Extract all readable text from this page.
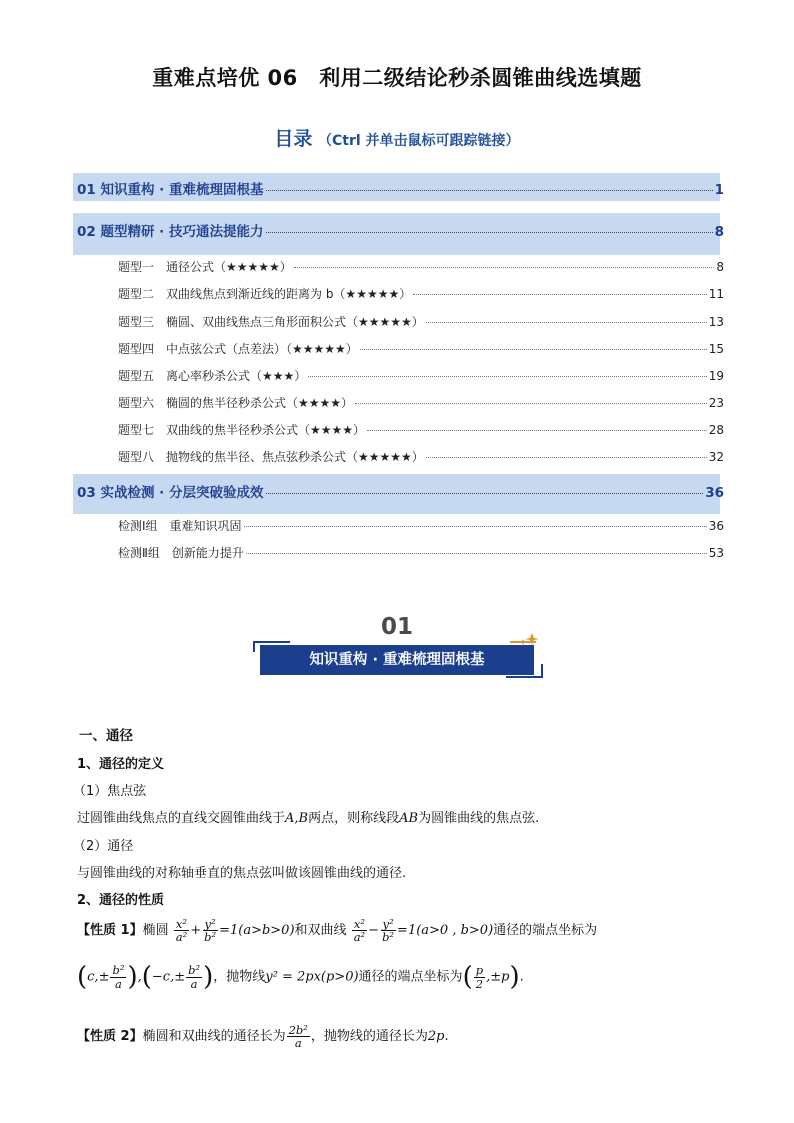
重难点培优 06　利用二级结论秒杀圆锥曲线选填题
目录 （Ctrl 并单击鼠标可跟踪链接）
01 知识重构 · 重难梳理固根基	1
02 题型精研 · 技巧通法提能力	8
题型一　通径公式（★★★★★）	8
题型二　双曲线焦点到渐近线的距离为 b（★★★★★）	11
题型三　椭圆、双曲线焦点三角形面积公式（★★★★★）	13
题型四　中点弦公式（点差法）（★★★★★）	15
题型五　离心率秒杀公式（★★★）	19
题型六　椭圆的焦半径秒杀公式（★★★★）	23
题型七　双曲线的焦半径秒杀公式（★★★★）	28
题型八　抛物线的焦半径、焦点弦秒杀公式（★★★★★）	32
03 实战检测 · 分层突破验成效	36
检测Ⅰ组　重难知识巩固	36
检测Ⅱ组　创新能力提升	53
01
知识重构 · 重难梳理固根基
一、通径
1、通径的定义
（1）焦点弦
过圆锥曲线焦点的直线交圆锥曲线于A,B两点，则称线段AB为圆锥曲线的焦点弦.
（2）通径
与圆锥曲线的对称轴垂直的焦点弦叫做该圆锥曲线的通径.
2、通径的性质
【性质 1】椭圆 $\frac{\text{x²}}{\text{a²}} + \frac{\text{y²}}{\text{b²}} =1(a>b>0)$和双曲线 $\frac{\text{x²}}{\text{a²}} - \frac{\text{y²}}{\text{b²}} =1(a>0$ , b>0)通径的端点坐标为
$(c,\pm \frac{\text{b²}}{a} ),(-c,\pm \frac{\text{b²}}{a}$ )，抛物线y² = 2px(p>0)通径的端点坐标为( $\frac{p}{2} ,\pm p$).
【性质 2】椭圆和双曲线的通径长为 $\frac{\text{2b²}}{a}$ ，抛物线的通径长为2p.
